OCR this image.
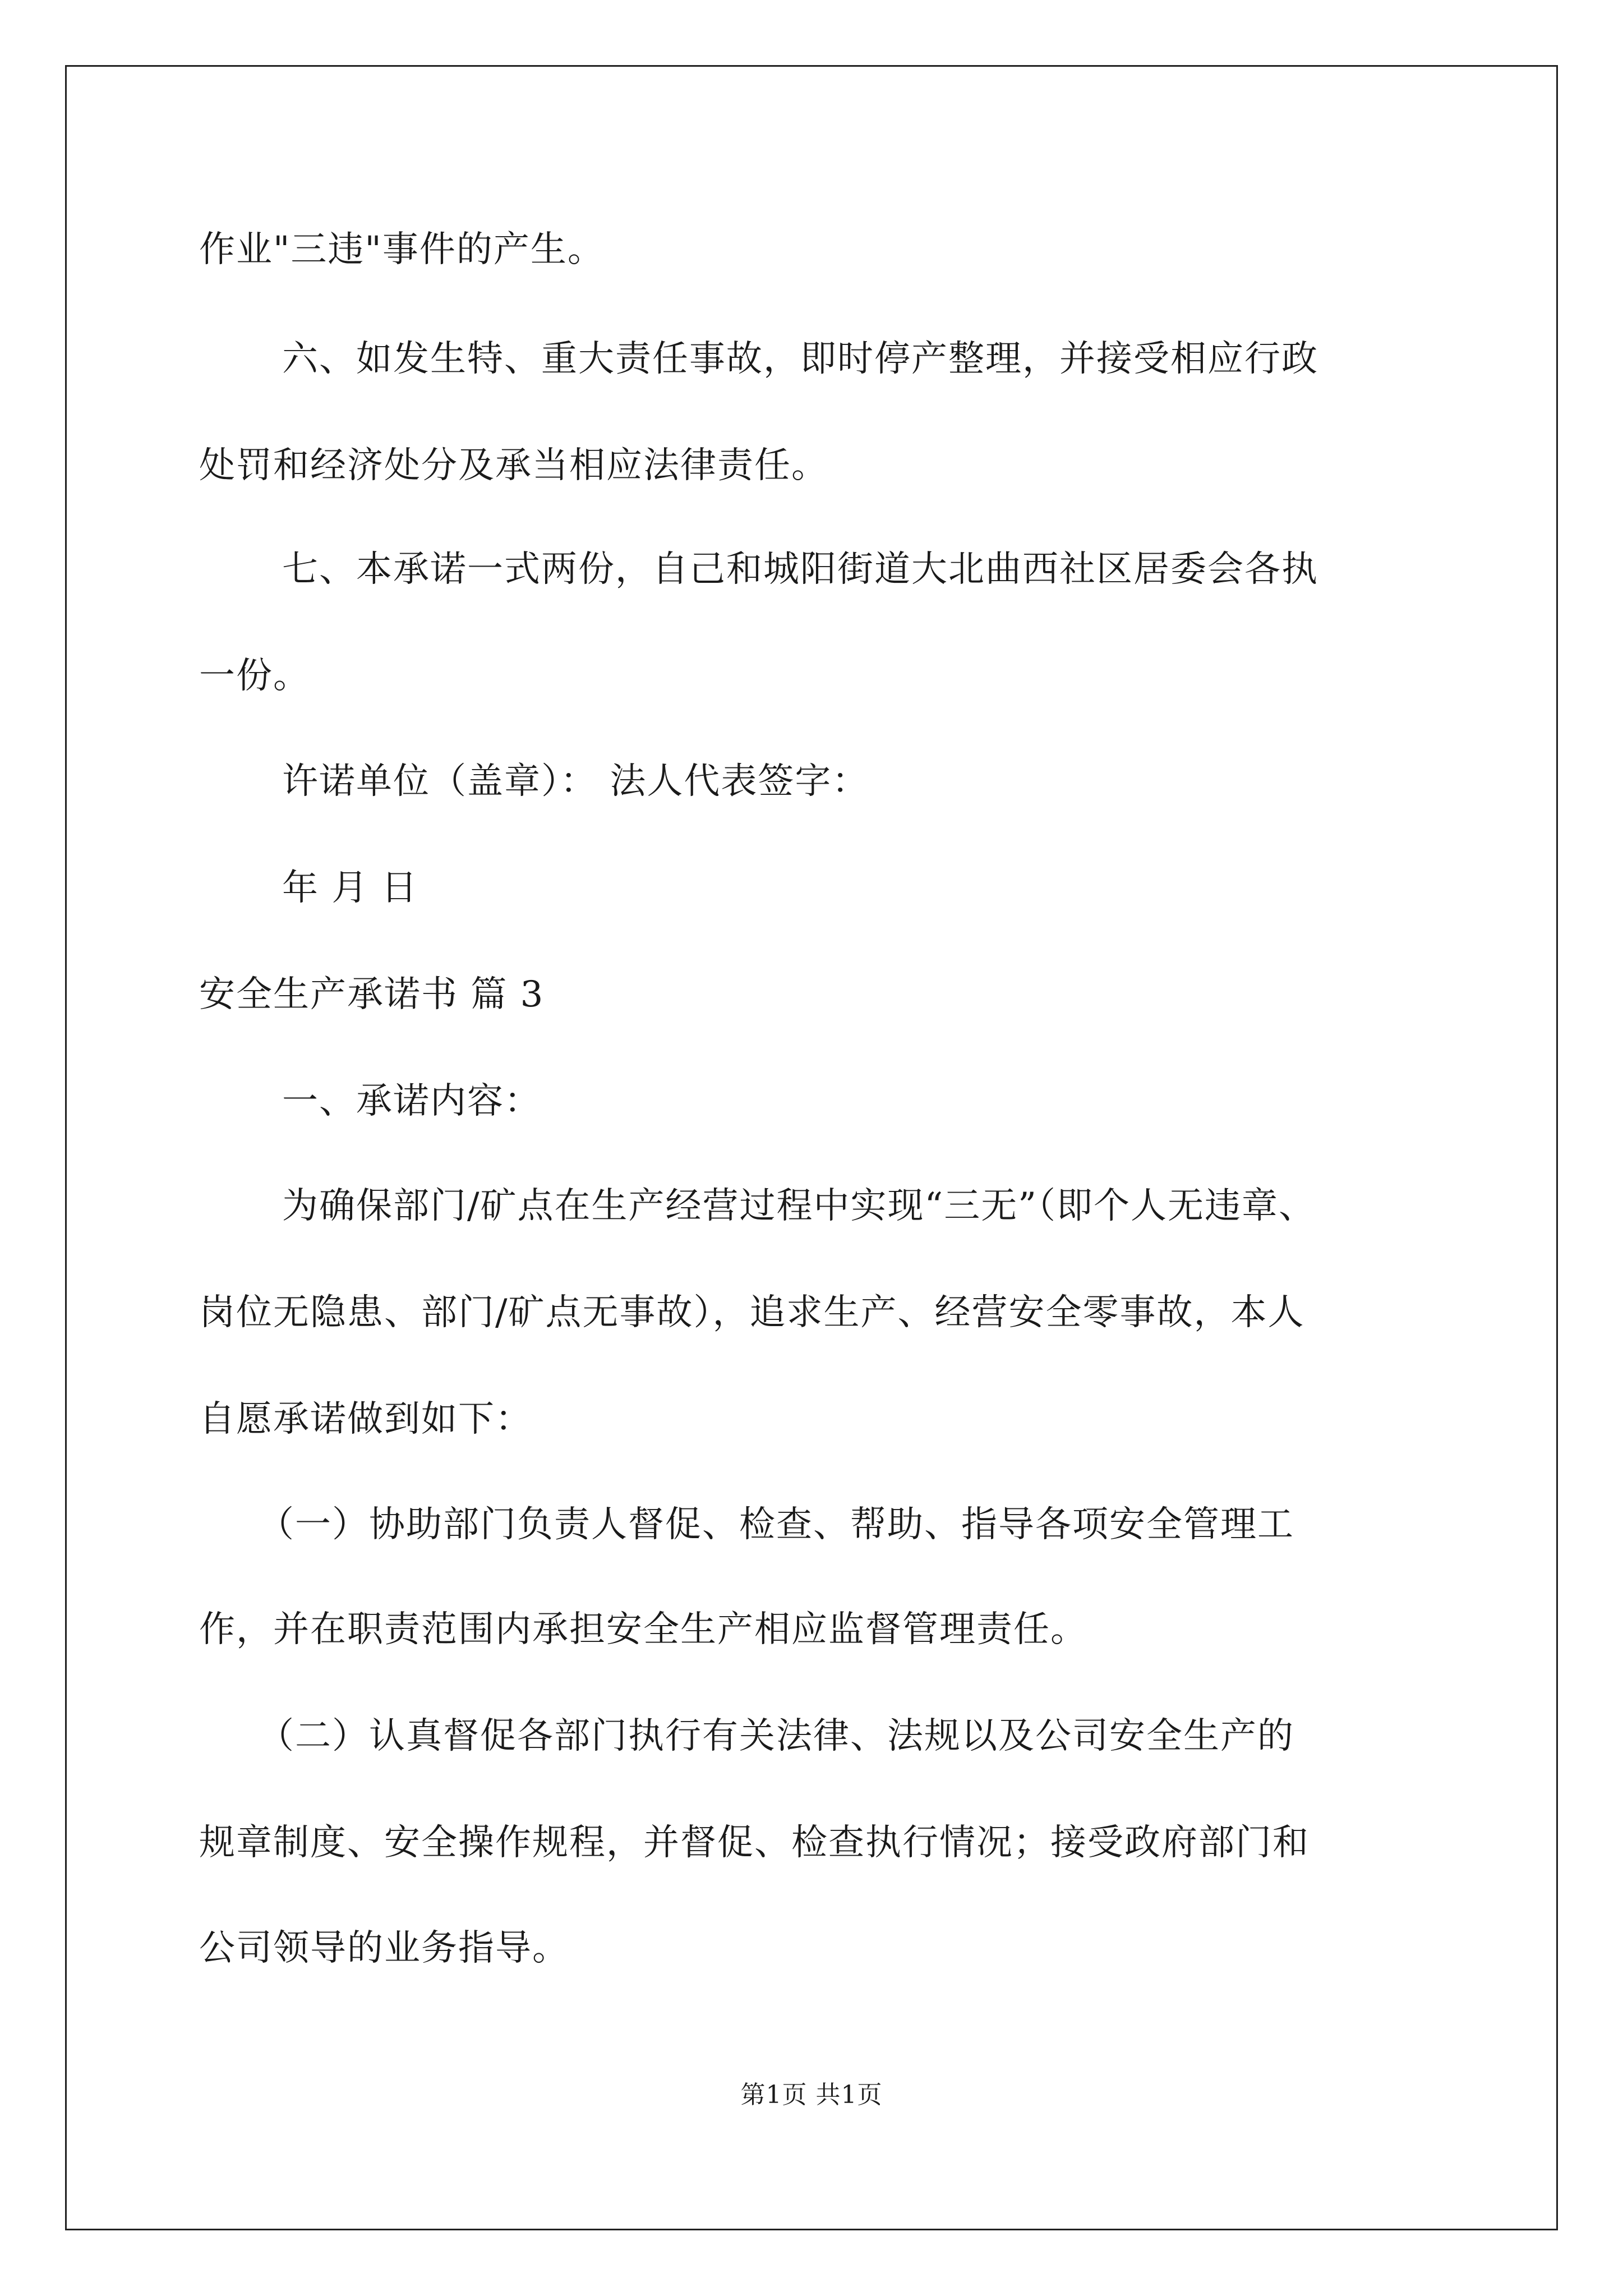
作业"三违"事件的产生。
六、如发生特、重大责任事故，即时停产整理，并接受相应行政
处罚和经济处分及承当相应法律责任。
七、本承诺一式两份，自己和城阳街道大北曲西社区居委会各执
一份。
许诺单位（盖章）： 法人代表签字：
年 月 日
安全生产承诺书 篇 3
一、承诺内容：
为确保部门/矿点在生产经营过程中实现“三无”（即个人无违章、
岗位无隐患、部门/矿点无事故），追求生产、经营安全零事故，本人
自愿承诺做到如下：
（一）协助部门负责人督促、检查、帮助、指导各项安全管理工
作，并在职责范围内承担安全生产相应监督管理责任。
（二）认真督促各部门执行有关法律、法规以及公司安全生产的
规章制度、安全操作规程，并督促、检查执行情况；接受政府部门和
公司领导的业务指导。
第1页 共1页
